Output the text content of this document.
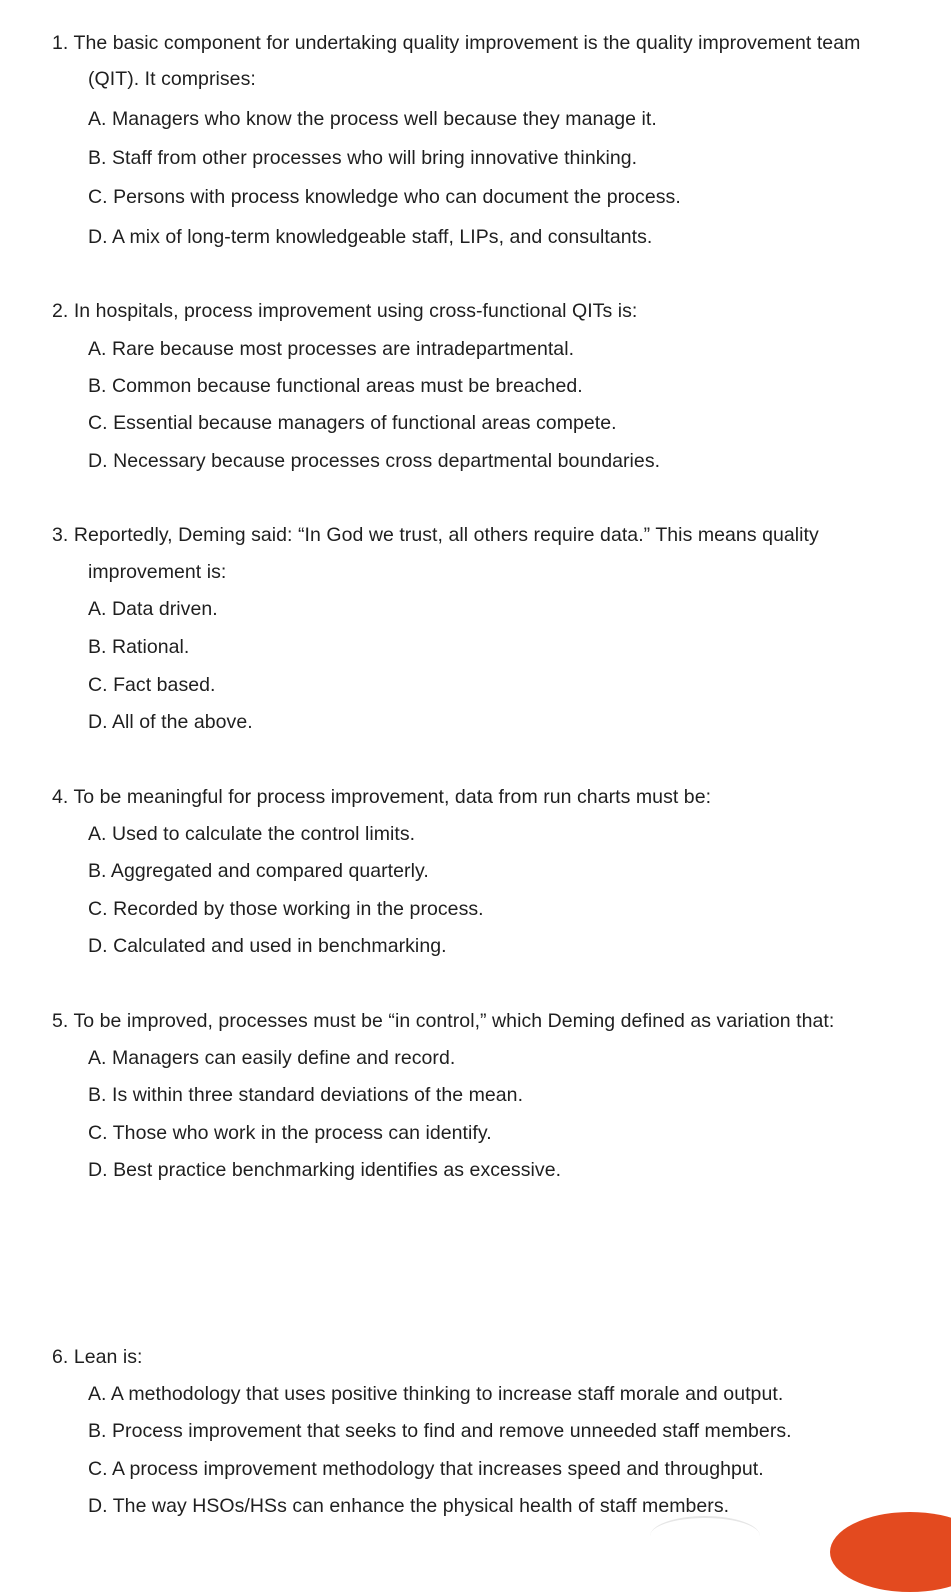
1. The basic component for undertaking quality improvement is the quality improvement team
(QIT). It comprises:
A. Managers who know the process well because they manage it.
B. Staff from other processes who will bring innovative thinking.
C. Persons with process knowledge who can document the process.
D. A mix of long-term knowledgeable staff, LIPs, and consultants.
2. In hospitals, process improvement using cross-functional QITs is:
A. Rare because most processes are intradepartmental.
B. Common because functional areas must be breached.
C. Essential because managers of functional areas compete.
D. Necessary because processes cross departmental boundaries.
3. Reportedly, Deming said: “In God we trust, all others require data.” This means quality
improvement is:
A. Data driven.
B. Rational.
C. Fact based.
D. All of the above.
4. To be meaningful for process improvement, data from run charts must be:
A. Used to calculate the control limits.
B. Aggregated and compared quarterly.
C. Recorded by those working in the process.
D. Calculated and used in benchmarking.
5. To be improved, processes must be “in control,” which Deming defined as variation that:
A. Managers can easily define and record.
B. Is within three standard deviations of the mean.
C. Those who work in the process can identify.
D. Best practice benchmarking identifies as excessive.
6. Lean is:
A. A methodology that uses positive thinking to increase staff morale and output.
B. Process improvement that seeks to find and remove unneeded staff members.
C. A process improvement methodology that increases speed and throughput.
D. The way HSOs/HSs can enhance the physical health of staff members.
